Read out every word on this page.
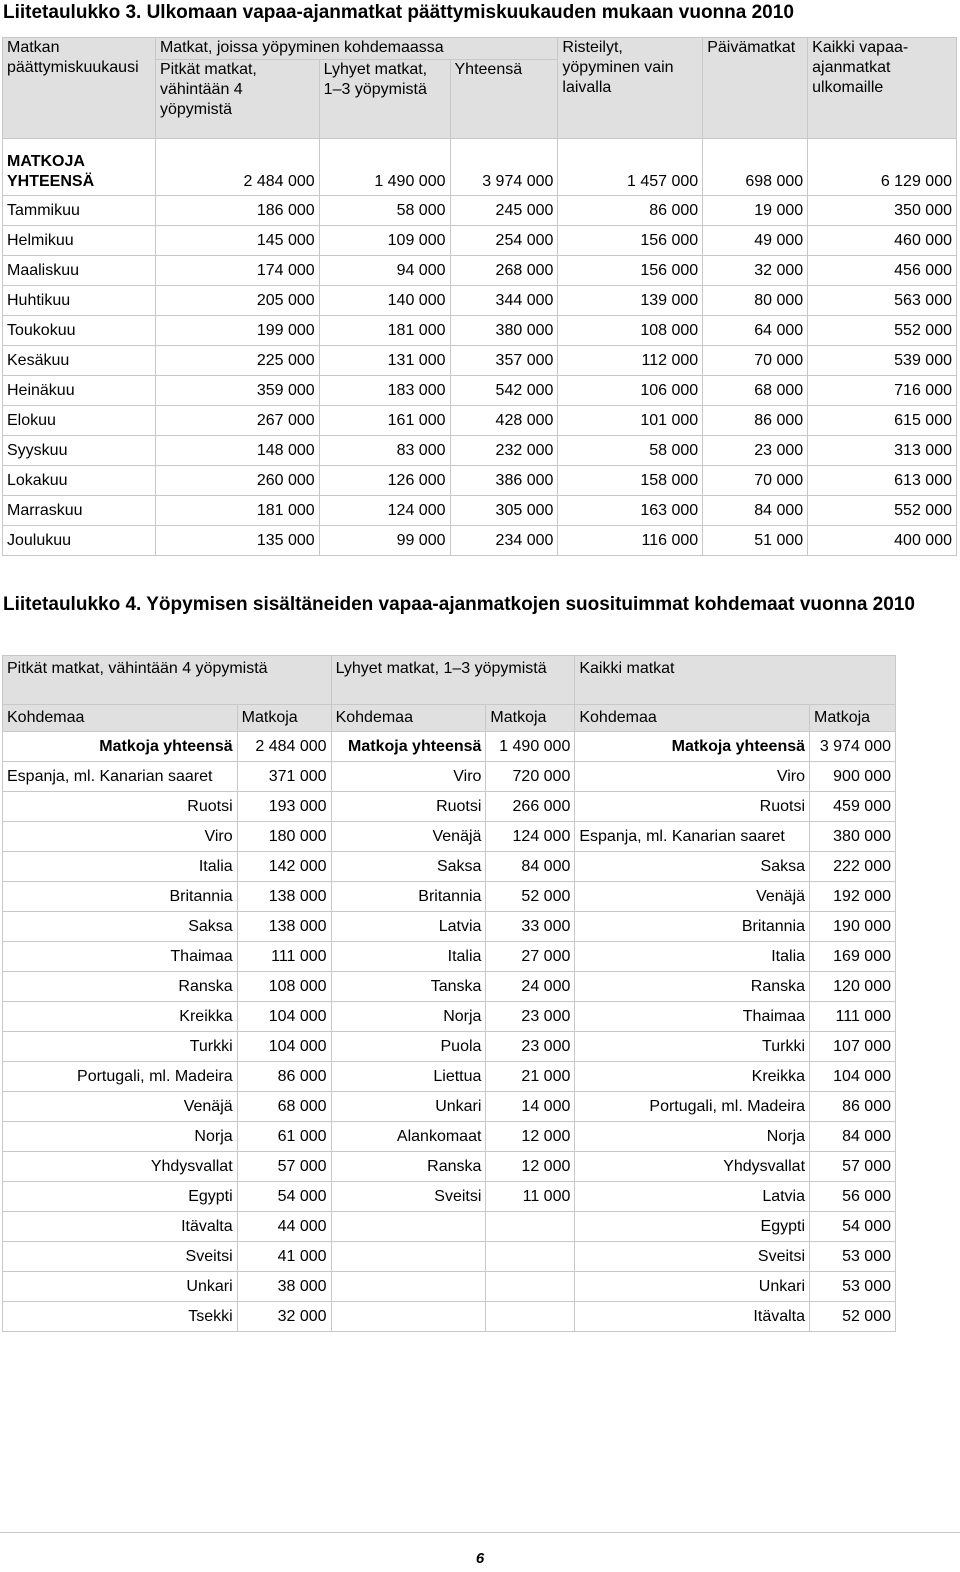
Liitetaulukko 3. Ulkomaan vapaa-ajanmatkat päättymiskuukauden mukaan vuonna 2010
Matkan päättymiskuukausi	Matkat, joissa yöpyminen kohdemaassa			Risteilyt, yöpyminen vain laivalla	Päivämatkat	Kaikki vapaa-ajanmatkat ulkomaille
	Pitkät matkat, vähintään 4 yöpymistä	Lyhyet matkat, 1–3 yöpymistä	Yhteensä			
MATKOJA YHTEENSÄ	2 484 000	1 490 000	3 974 000	1 457 000	698 000	6 129 000
Tammikuu	186 000	58 000	245 000	86 000	19 000	350 000
Helmikuu	145 000	109 000	254 000	156 000	49 000	460 000
Maaliskuu	174 000	94 000	268 000	156 000	32 000	456 000
Huhtikuu	205 000	140 000	344 000	139 000	80 000	563 000
Toukokuu	199 000	181 000	380 000	108 000	64 000	552 000
Kesäkuu	225 000	131 000	357 000	112 000	70 000	539 000
Heinäkuu	359 000	183 000	542 000	106 000	68 000	716 000
Elokuu	267 000	161 000	428 000	101 000	86 000	615 000
Syyskuu	148 000	83 000	232 000	58 000	23 000	313 000
Lokakuu	260 000	126 000	386 000	158 000	70 000	613 000
Marraskuu	181 000	124 000	305 000	163 000	84 000	552 000
Joulukuu	135 000	99 000	234 000	116 000	51 000	400 000
Liitetaulukko 4. Yöpymisen sisältäneiden vapaa-ajanmatkojen suosituimmat kohdemaat vuonna 2010
Pitkät matkat, vähintään 4 yöpymistä		Lyhyet matkat, 1–3 yöpymistä		Kaikki matkat	
Kohdemaa	Matkoja	Kohdemaa	Matkoja	Kohdemaa	Matkoja
Matkoja yhteensä	2 484 000	Matkoja yhteensä	1 490 000	Matkoja yhteensä	3 974 000
Espanja, ml. Kanarian saaret	371 000	Viro	720 000	Viro	900 000
Ruotsi	193 000	Ruotsi	266 000	Ruotsi	459 000
Viro	180 000	Venäjä	124 000	Espanja, ml. Kanarian saaret	380 000
Italia	142 000	Saksa	84 000	Saksa	222 000
Britannia	138 000	Britannia	52 000	Venäjä	192 000
Saksa	138 000	Latvia	33 000	Britannia	190 000
Thaimaa	111 000	Italia	27 000	Italia	169 000
Ranska	108 000	Tanska	24 000	Ranska	120 000
Kreikka	104 000	Norja	23 000	Thaimaa	111 000
Turkki	104 000	Puola	23 000	Turkki	107 000
Portugali, ml. Madeira	86 000	Liettua	21 000	Kreikka	104 000
Venäjä	68 000	Unkari	14 000	Portugali, ml. Madeira	86 000
Norja	61 000	Alankomaat	12 000	Norja	84 000
Yhdysvallat	57 000	Ranska	12 000	Yhdysvallat	57 000
Egypti	54 000	Sveitsi	11 000	Latvia	56 000
Itävalta	44 000			Egypti	54 000
Sveitsi	41 000			Sveitsi	53 000
Unkari	38 000			Unkari	53 000
Tsekki	32 000			Itävalta	52 000
6
